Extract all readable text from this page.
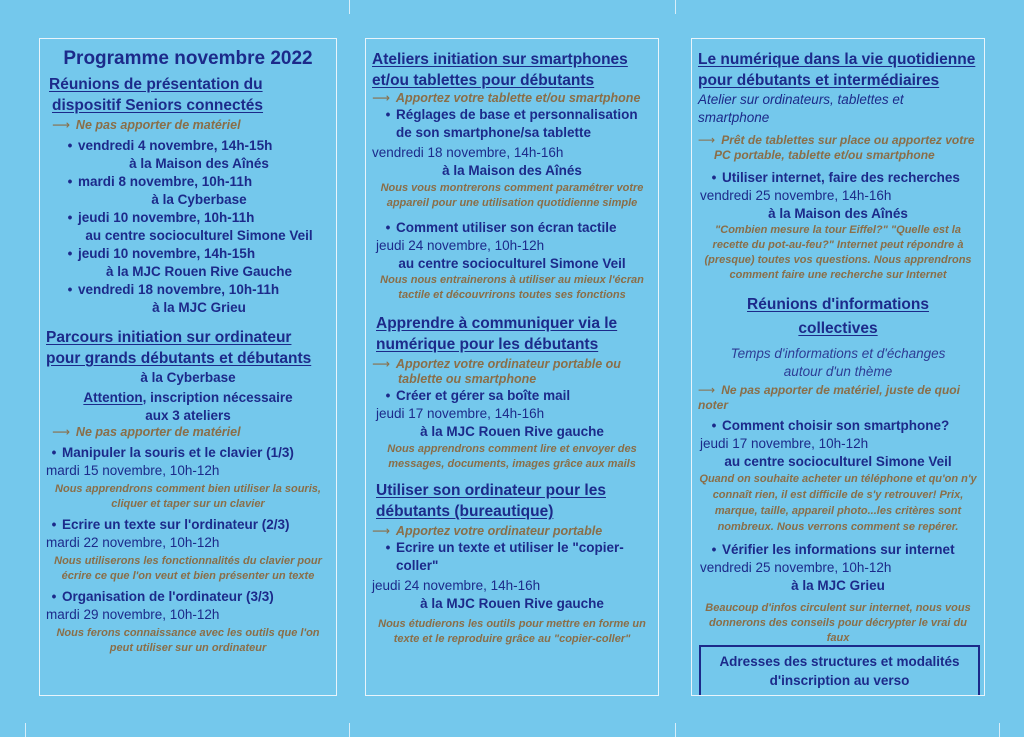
Programme novembre 2022
Réunions de présentation du
dispositif Seniors connectés
⟶ Ne pas apporter de matériel
• vendredi 4 novembre, 14h-15h
à la Maison des Aînés
• mardi 8 novembre, 10h-11h
à la Cyberbase
• jeudi 10 novembre, 10h-11h
au centre socioculturel Simone Veil
• jeudi 10 novembre, 14h-15h
à la MJC Rouen Rive Gauche
• vendredi 18 novembre, 10h-11h
à la MJC Grieu
Parcours initiation sur ordinateur
pour grands débutants et débutants
à la Cyberbase
Attention, inscription nécessaire
aux 3 ateliers
⟶ Ne pas apporter de matériel
• Manipuler la souris et le clavier (1/3)
mardi 15 novembre, 10h-12h
Nous apprendrons comment bien utiliser la souris, cliquer et taper sur un clavier
• Ecrire un texte sur l'ordinateur (2/3)
mardi 22 novembre, 10h-12h
Nous utiliserons les fonctionnalités du clavier pour écrire ce que l'on veut et bien présenter un texte
• Organisation de l'ordinateur (3/3)
mardi 29 novembre, 10h-12h
Nous ferons connaissance avec les outils que l'on peut utiliser sur un ordinateur
Ateliers initiation sur smartphones
et/ou tablettes pour débutants
⟶ Apportez votre tablette et/ou smartphone
• Réglages de base et personnalisation
de son smartphone/sa tablette
vendredi 18 novembre, 14h-16h
à la Maison des Aînés
Nous vous montrerons comment paramétrer votre appareil pour une utilisation quotidienne simple
• Comment utiliser son écran tactile
jeudi 24 novembre, 10h-12h
au centre socioculturel Simone Veil
Nous nous entrainerons à utiliser au mieux l'écran tactile et découvrirons toutes ses fonctions
Apprendre à communiquer via le
numérique pour les débutants
⟶ Apportez votre ordinateur portable ou
tablette ou smartphone
• Créer et gérer sa boîte mail
jeudi 17 novembre, 14h-16h
à la MJC Rouen Rive gauche
Nous apprendrons comment lire et envoyer des messages, documents, images grâce aux mails
Utiliser son ordinateur pour les
débutants (bureautique)
⟶ Apportez votre ordinateur portable
• Ecrire un texte et utiliser le "copier-
coller"
jeudi 24 novembre, 14h-16h
à la MJC Rouen Rive gauche
Nous étudierons les outils pour mettre en forme un texte et le reproduire grâce au "copier-coller"
Le numérique dans la vie quotidienne
pour débutants et intermédiaires
Atelier sur ordinateurs, tablettes et smartphone
⟶ Prêt de tablettes sur place ou apportez votre
PC portable, tablette et/ou smartphone
• Utiliser internet, faire des recherches
vendredi 25 novembre, 14h-16h
à la Maison des Aînés
"Combien mesure la tour Eiffel?" "Quelle est la recette du pot-au-feu?" Internet peut répondre à (presque) toutes vos questions. Nous apprendrons comment faire une recherche sur Internet
Réunions d'informations
collectives
Temps d'informations et d'échanges
autour d'un thème
⟶ Ne pas apporter de matériel, juste de quoi noter
• Comment choisir son smartphone?
jeudi 17 novembre, 10h-12h
au centre socioculturel Simone Veil
Quand on souhaite acheter un téléphone et qu'on n'y connaît rien, il est difficile de s'y retrouver! Prix, marque, taille, appareil photo...les critères sont nombreux. Nous verrons comment se repérer.
• Vérifier les informations sur internet
vendredi 25 novembre, 10h-12h
à la MJC Grieu
Beaucoup d'infos circulent sur internet, nous vous donnerons des conseils pour décrypter le vrai du faux
Adresses des structures et modalités
d'inscription au verso
